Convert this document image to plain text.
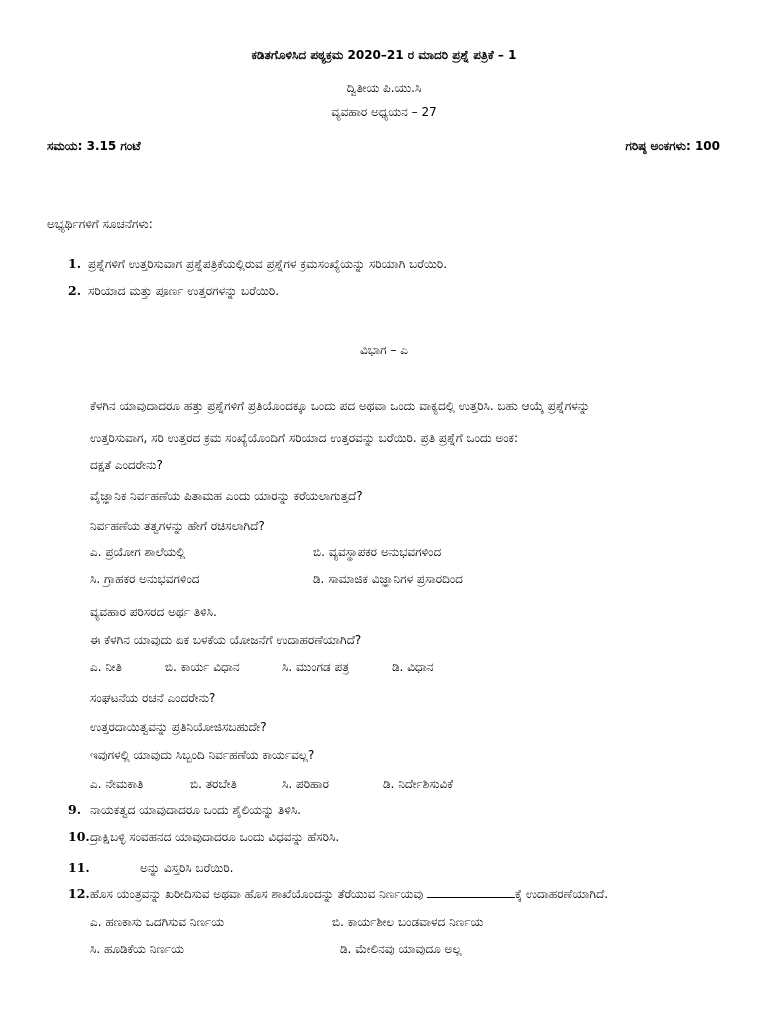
ಕಡಿತಗೊಳಿಸಿದ ಪಠ್ಯಕ್ರಮ 2020–21 ರ ಮಾದರಿ ಪ್ರಶ್ನೆ ಪತ್ರಿಕೆ – 1
ದ್ವಿತೀಯ ಪಿ.ಯು.ಸಿ
ವ್ಯವಹಾರ ಅಧ್ಯಯನ – 27
ಸಮಯ: 3.15 ಗಂಟೆ	ಗರಿಷ್ಠ ಅಂಕಗಳು: 100
ಅಭ್ಯರ್ಥಿಗಳಿಗೆ ಸೂಚನೆಗಳು:
1. ಪ್ರಶ್ನೆಗಳಿಗೆ ಉತ್ತರಿಸುವಾಗ ಪ್ರಶ್ನೆಪತ್ರಿಕೆಯಲ್ಲಿರುವ ಪ್ರಶ್ನೆಗಳ ಕ್ರಮಸಂಖ್ಯೆಯನ್ನು ಸರಿಯಾಗಿ ಬರೆಯಿರಿ.
2. ಸರಿಯಾದ ಮತ್ತು ಪೂರ್ಣ ಉತ್ತರಗಳನ್ನು ಬರೆಯಿರಿ.
ವಿಭಾಗ – ಎ
ಕೆಳಗಿನ ಯಾವುದಾದರೂ ಹತ್ತು ಪ್ರಶ್ನೆಗಳಿಗೆ ಪ್ರತಿಯೊಂದಕ್ಕೂ ಒಂದು ಪದ ಅಥವಾ ಒಂದು ವಾಕ್ಯದಲ್ಲಿ ಉತ್ತರಿಸಿ. ಬಹು ಆಯ್ಕೆ ಪ್ರಶ್ನೆಗಳನ್ನು
ಉತ್ತರಿಸುವಾಗ, ಸರಿ ಉತ್ತರದ ಕ್ರಮ ಸಂಖ್ಯೆಯೊಂದಿಗೆ ಸರಿಯಾದ ಉತ್ತರವನ್ನು ಬರೆಯಿರಿ. ಪ್ರತಿ ಪ್ರಶ್ನೆಗೆ ಒಂದು ಅಂಕ:
ದಕ್ಷತೆ ಎಂದರೇನು?
ವೈಜ್ಞಾನಿಕ ನಿರ್ವಹಣೆಯ ಪಿತಾಮಹ ಎಂದು ಯಾರನ್ನು ಕರೆಯಲಾಗುತ್ತದೆ?
ನಿರ್ವಹಣೆಯ ತತ್ವಗಳನ್ನು ಹೇಗೆ ರಚಿಸಲಾಗಿದೆ?
ಎ. ಪ್ರಯೋಗ ಶಾಲೆಯಲ್ಲಿ	ಬಿ. ವ್ಯವಸ್ಥಾಪಕರ ಅನುಭವಗಳಿಂದ
ಸಿ. ಗ್ರಾಹಕರ ಅನುಭವಗಳಿಂದ	ಡಿ. ಸಾಮಾಜಿಕ ವಿಜ್ಞಾನಿಗಳ ಪ್ರಸಾರದಿಂದ
ವ್ಯವಹಾರ ಪರಿಸರದ ಅರ್ಥ ತಿಳಿಸಿ.
ಈ ಕೆಳಗಿನ ಯಾವುದು ಏಕ ಬಳಕೆಯ ಯೋಜನೆಗೆ ಉದಾಹರಣೆಯಾಗಿದೆ?
ಎ. ನೀತಿ	ಬಿ. ಕಾರ್ಯ ವಿಧಾನ	ಸಿ. ಮುಂಗಡ ಪತ್ರ	ಡಿ. ವಿಧಾನ
ಸಂಘಟನೆಯ ರಚನೆ ಎಂದರೇನು?
ಉತ್ತರದಾಯಿತ್ವವನ್ನು ಪ್ರತಿನಿಯೋಜಿಸಬಹುದೇ?
ಇವುಗಳಲ್ಲಿ ಯಾವುದು ಸಿಬ್ಬಂದಿ ನಿರ್ವಹಣೆಯ ಕಾರ್ಯವಲ್ಲ?
ಎ. ನೇಮಕಾತಿ	ಬಿ. ತರಬೇತಿ	ಸಿ. ಪರಿಹಾರ	ಡಿ. ನಿರ್ದೇಶಿಸುವಿಕೆ
9. ನಾಯಕತ್ವದ ಯಾವುದಾದರೂ ಒಂದು ಶೈಲಿಯನ್ನು ತಿಳಿಸಿ.
10. ದ್ರಾಕ್ಷಿಬಳ್ಳಿ ಸಂವಹನದ ಯಾವುದಾದರೂ ಒಂದು ವಿಧವನ್ನು ಹೆಸರಿಸಿ.
11.	ಅನ್ನು ವಿಸ್ತರಿಸಿ ಬರೆಯಿರಿ.
12. ಹೊಸ ಯಂತ್ರವನ್ನು ಖರೀದಿಸುವ ಅಥವಾ ಹೊಸ ಶಾಖೆಯೊಂದನ್ನು ತೆರೆಯುವ ನಿರ್ಣಯವು	ಕ್ಕೆ ಉದಾಹರಣೆಯಾಗಿದೆ.
ಎ. ಹಣಕಾಸು ಒದಗಿಸುವ ನಿರ್ಣಯ	ಬಿ. ಕಾರ್ಯಶೀಲ ಬಂಡವಾಳದ ನಿರ್ಣಯ
ಸಿ. ಹೂಡಿಕೆಯ ನಿರ್ಣಯ	ಡಿ. ಮೇಲಿನವು ಯಾವುದೂ ಅಲ್ಲ
